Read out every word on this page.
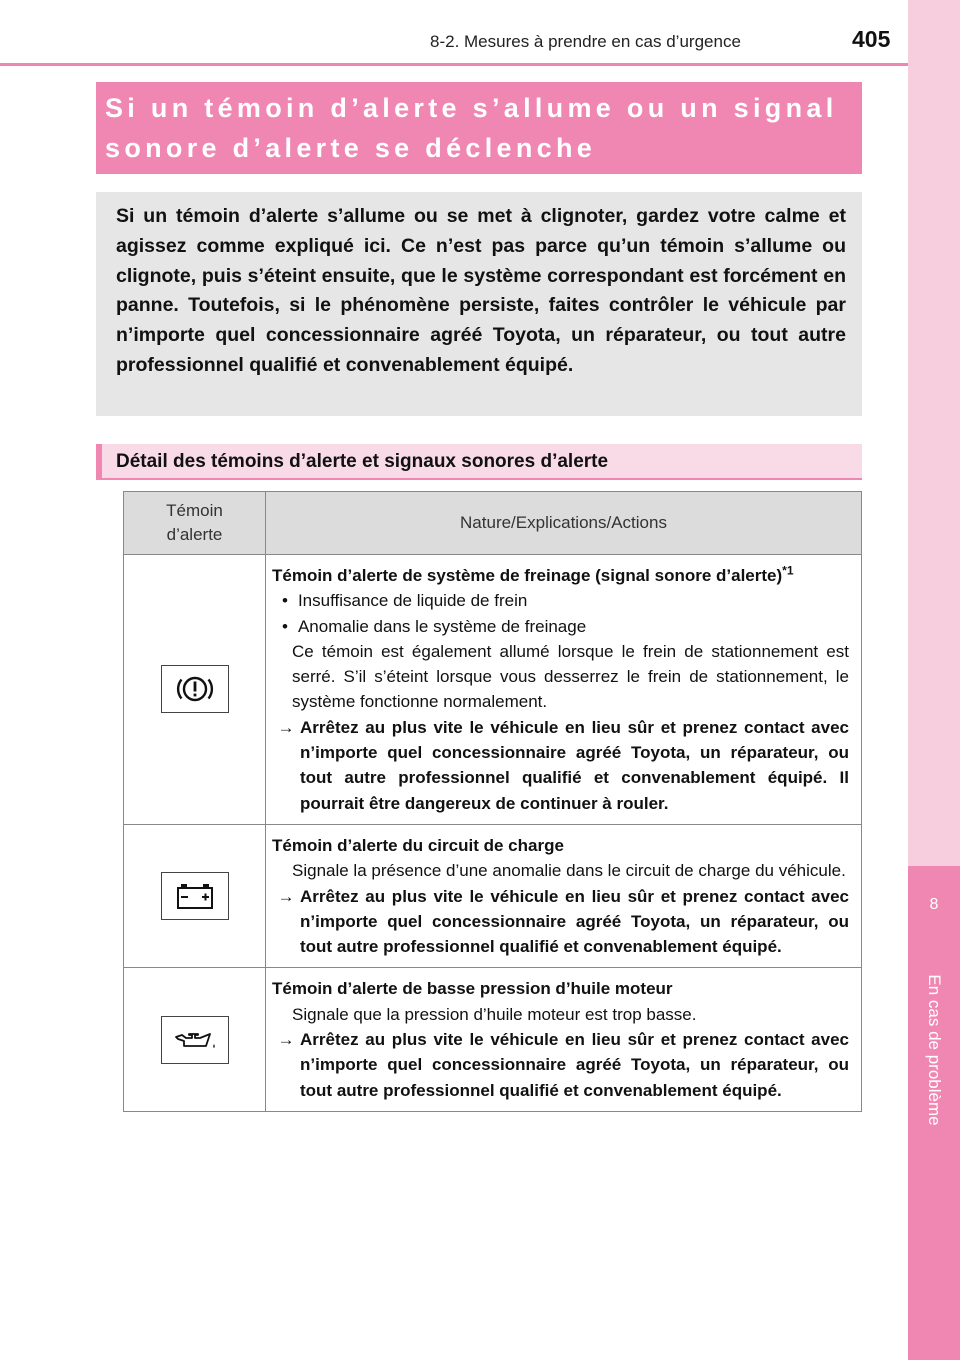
8
En cas de problème
8-2. Mesures à prendre en cas d’urgence	405
Si un témoin d’alerte s’allume ou un signal sonore d’alerte se déclenche

Si un témoin d’alerte s’allume ou se met à clignoter, gardez votre calme et agissez comme expliqué ici. Ce n’est pas parce qu’un témoin s’allume ou clignote, puis s’éteint ensuite, que le système correspondant est forcément en panne. Toutefois, si le phénomène persiste, faites contrôler le véhicule par n’importe quel concessionnaire agréé Toyota, un réparateur, ou tout autre professionnel qualifié et convenablement équipé.

Détail des témoins d’alerte et signaux sonores d’alerte
Témoin d’alerte	Nature/Explications/Actions

Témoin d’alerte de système de freinage (signal sonore d’alerte)$^{*1}$
• Insuffisance de liquide de frein
• Anomalie dans le système de freinage
Ce témoin est également allumé lorsque le frein de stationnement est serré. S’il s’éteint lorsque vous desserrez le frein de stationnement, le système fonctionne normalement.
→ Arrêtez au plus vite le véhicule en lieu sûr et prenez contact avec n’importe quel concessionnaire agréé Toyota, un réparateur, ou tout autre professionnel qualifié et convenablement équipé. Il pourrait être dangereux de continuer à rouler.

Témoin d’alerte du circuit de charge
Signale la présence d’une anomalie dans le circuit de charge du véhicule.
→ Arrêtez au plus vite le véhicule en lieu sûr et prenez contact avec n’importe quel concessionnaire agréé Toyota, un réparateur, ou tout autre professionnel qualifié et convenablement équipé.

Témoin d’alerte de basse pression d’huile moteur
Signale que la pression d’huile moteur est trop basse.
→ Arrêtez au plus vite le véhicule en lieu sûr et prenez contact avec n’importe quel concessionnaire agréé Toyota, un réparateur, ou tout autre professionnel qualifié et convenablement équipé.
